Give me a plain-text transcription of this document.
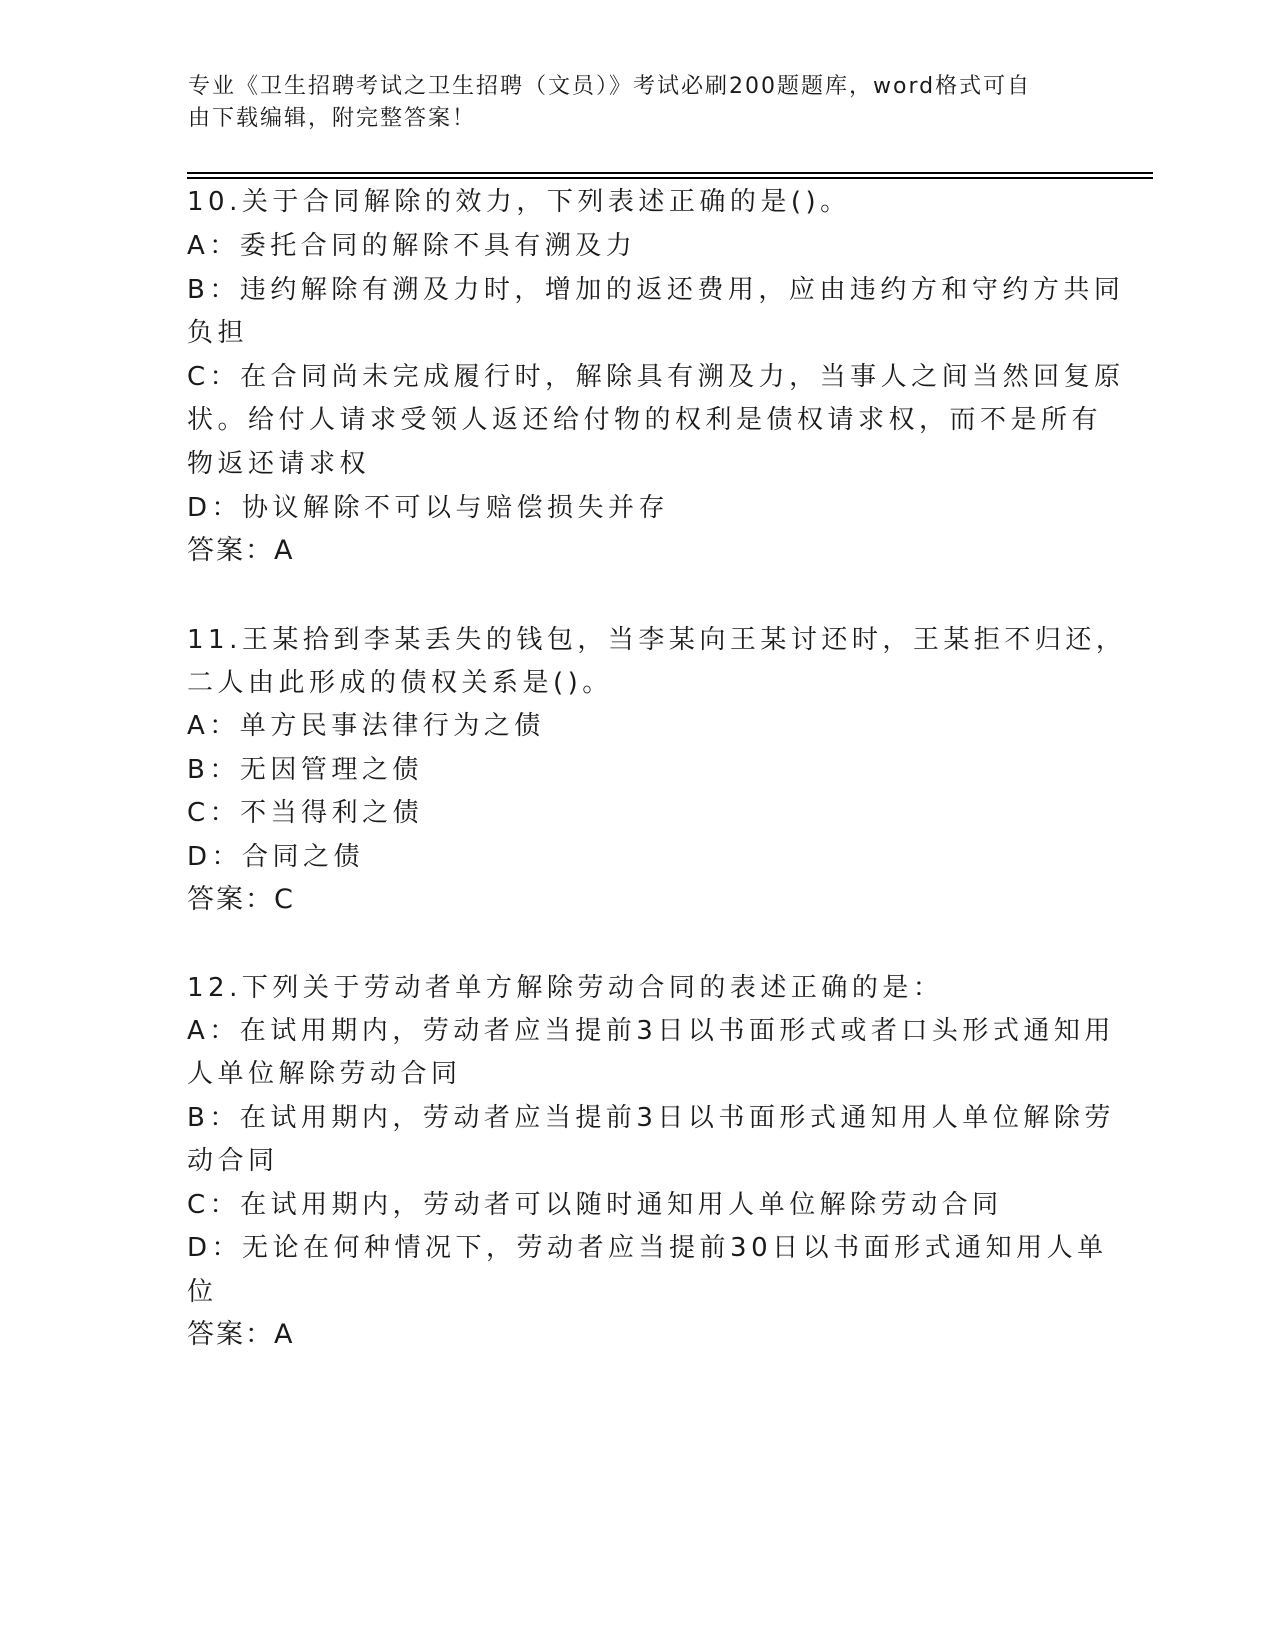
专业《卫生招聘考试之卫生招聘（文员）》考试必刷200题题库，word格式可自
由下载编辑，附完整答案！
10.关于合同解除的效力，下列表述正确的是()。
A：委托合同的解除不具有溯及力
B：违约解除有溯及力时，增加的返还费用，应由违约方和守约方共同
负担
C：在合同尚未完成履行时，解除具有溯及力，当事人之间当然回复原
状。给付人请求受领人返还给付物的权利是债权请求权，而不是所有
物返还请求权
D：协议解除不可以与赔偿损失并存
答案：A
11.王某拾到李某丢失的钱包，当李某向王某讨还时，王某拒不归还，
二人由此形成的债权关系是()。
A：单方民事法律行为之债
B：无因管理之债
C：不当得利之债
D：合同之债
答案：C
12.下列关于劳动者单方解除劳动合同的表述正确的是：
A：在试用期内，劳动者应当提前3日以书面形式或者口头形式通知用
人单位解除劳动合同
B：在试用期内，劳动者应当提前3日以书面形式通知用人单位解除劳
动合同
C：在试用期内，劳动者可以随时通知用人单位解除劳动合同
D：无论在何种情况下，劳动者应当提前30日以书面形式通知用人单
位
答案：A
